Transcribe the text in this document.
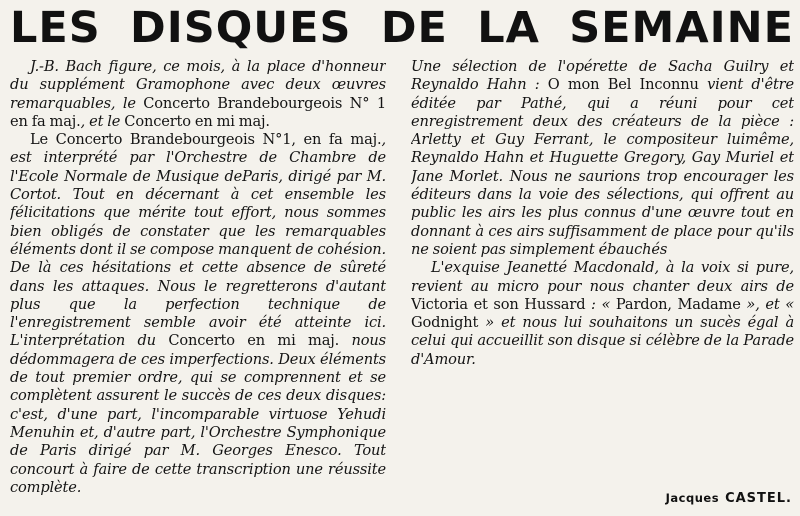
LES DISQUES DE LA SEMAINE

J.-B. Bach figure, ce mois, à la place d'honneur du supplément Gramophone avec deux œuvres remarquables, le Concerto Brandebourgeois N° 1 en fa maj., et le Concerto en mi maj.

Le Concerto Brandebourgeois N°1, en fa maj., est interprété par l'Orchestre de Chambre de l'Ecole Normale de Musique deParis, dirigé par M. Cortot. Tout en décernant à cet ensemble les félicitations que mérite tout effort, nous sommes bien obligés de constater que les remarquables éléments dont il se compose manquent de cohésion. De là ces hésitations et cette absence de sûreté dans les attaques. Nous le regretterons d'autant plus que la perfection technique de l'enregistrement semble avoir été atteinte ici. L'interprétation du Concerto en mi maj. nous dédommagera de ces imperfections. Deux éléments de tout premier ordre, qui se comprennent et se complètent assurent le succès de ces deux disques: c'est, d'une part, l'incomparable virtuose Yehudi Menuhin et, d'autre part, l'Orchestre Symphonique de Paris dirigé par M. Georges Enesco. Tout concourt à faire de cette transcription une réussite complète.

Une sélection de l'opérette de Sacha Guilry et Reynaldo Hahn : O mon Bel Inconnu vient d'être éditée par Pathé, qui a réuni pour cet enregistrement deux des créateurs de la pièce : Arletty et Guy Ferrant, le compositeur luimême, Reynaldo Hahn et Huguette Gregory, Gay Muriel et Jane Morlet. Nous ne saurions trop encourager les éditeurs dans la voie des sélections, qui offrent au public les airs les plus connus d'une œuvre tout en donnant à ces airs suffisamment de place pour qu'ils ne soient pas simplement ébauchés

L'exquise Jeanetté Macdonald, à la voix si pure, revient au micro pour nous chanter deux airs de Victoria et son Hussard : « Pardon, Madame », et « Godnight » et nous lui souhaitons un sucès égal à celui qui accueillit son disque si célèbre de la Parade d'Amour.

Jacques CASTEL.
